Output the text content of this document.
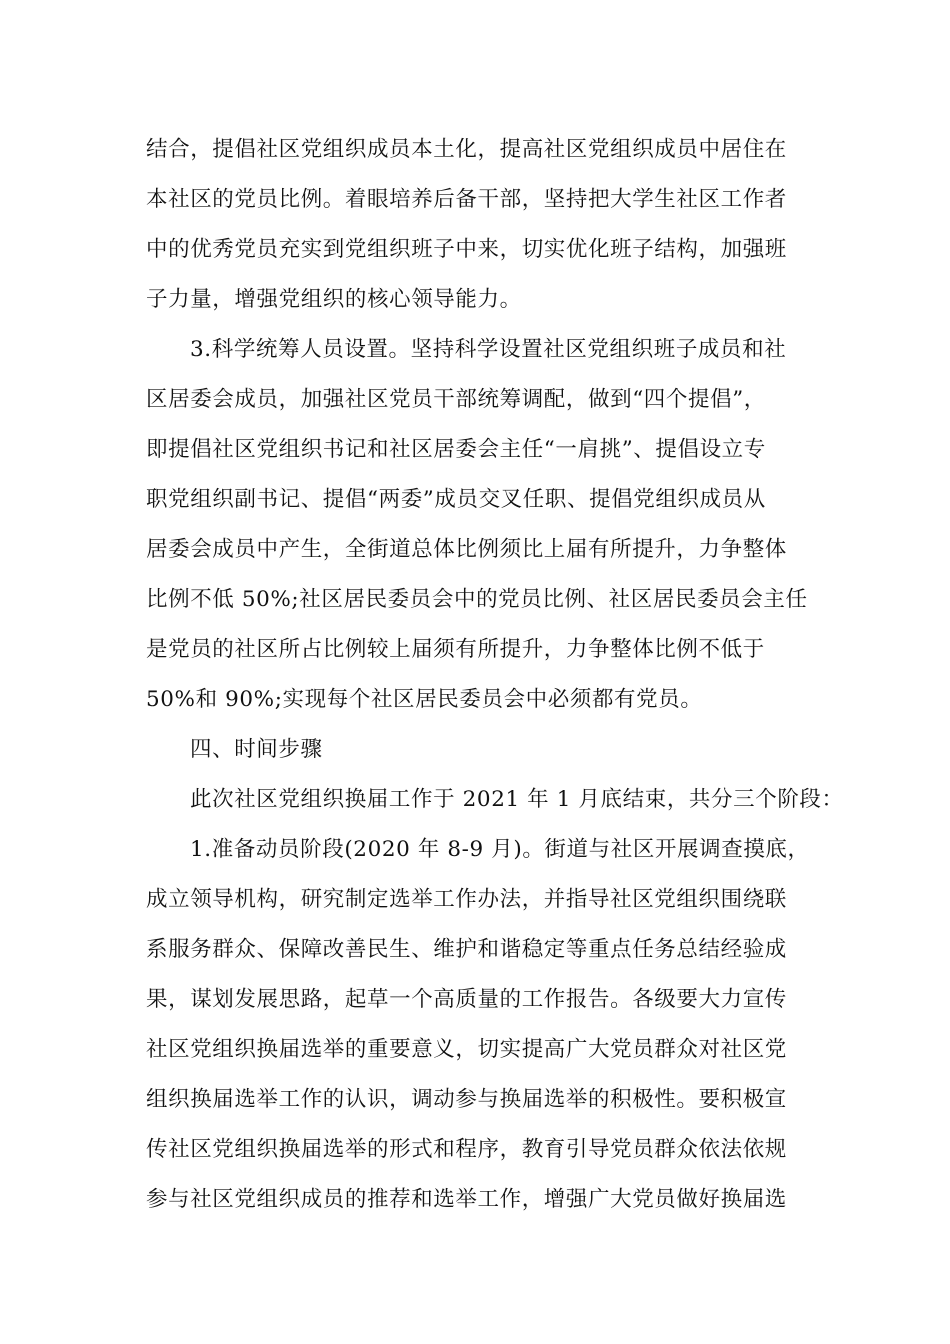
结合，提倡社区党组织成员本土化，提高社区党组织成员中居住在
本社区的党员比例。着眼培养后备干部，坚持把大学生社区工作者
中的优秀党员充实到党组织班子中来，切实优化班子结构，加强班
子力量，增强党组织的核心领导能力。
3.科学统筹人员设置。坚持科学设置社区党组织班子成员和社
区居委会成员，加强社区党员干部统筹调配，做到“四个提倡”，
即提倡社区党组织书记和社区居委会主任“一肩挑”、提倡设立专
职党组织副书记、提倡“两委”成员交叉任职、提倡党组织成员从
居委会成员中产生，全街道总体比例须比上届有所提升，力争整体
比例不低 50%;社区居民委员会中的党员比例、社区居民委员会主任
是党员的社区所占比例较上届须有所提升，力争整体比例不低于
50%和 90%;实现每个社区居民委员会中必须都有党员。
四、时间步骤
此次社区党组织换届工作于 2021 年 1 月底结束，共分三个阶段：
1.准备动员阶段(2020 年 8-9 月)。街道与社区开展调查摸底，
成立领导机构，研究制定选举工作办法，并指导社区党组织围绕联
系服务群众、保障改善民生、维护和谐稳定等重点任务总结经验成
果，谋划发展思路，起草一个高质量的工作报告。各级要大力宣传
社区党组织换届选举的重要意义，切实提高广大党员群众对社区党
组织换届选举工作的认识，调动参与换届选举的积极性。要积极宣
传社区党组织换届选举的形式和程序，教育引导党员群众依法依规
参与社区党组织成员的推荐和选举工作，增强广大党员做好换届选
